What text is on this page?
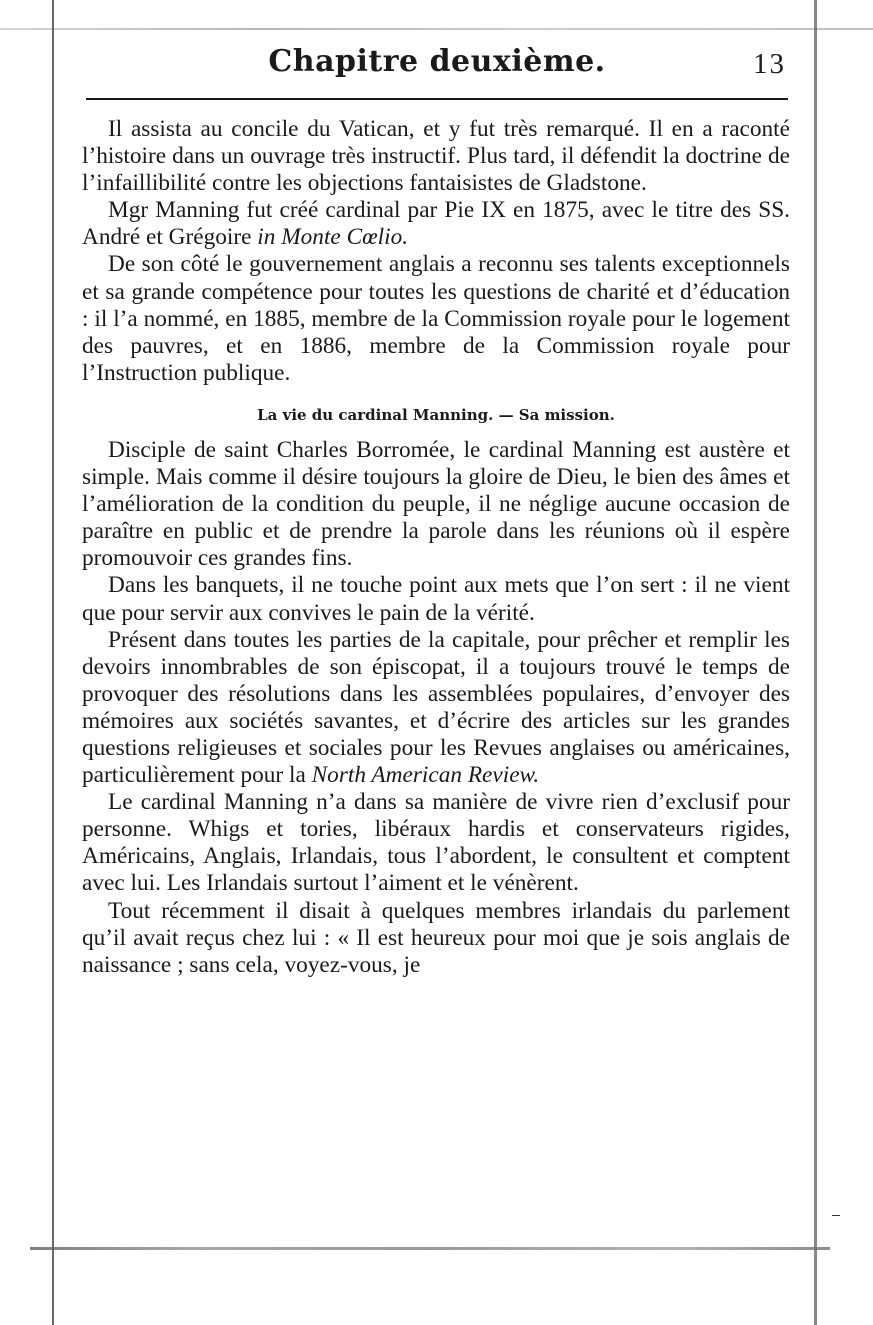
Chapitre deuxième.	13

Il assista au concile du Vatican, et y fut très remarqué. Il en a raconté l’histoire dans un ouvrage très instructif. Plus tard, il défendit la doctrine de l’infaillibilité contre les objections fantaisistes de Gladstone.

Mgr Manning fut créé cardinal par Pie IX en 1875, avec le titre des SS. André et Grégoire in Monte Cœlio.

De son côté le gouvernement anglais a reconnu ses talents exceptionnels et sa grande compétence pour toutes les questions de charité et d’éducation : il l’a nommé, en 1885, membre de la Commission royale pour le logement des pauvres, et en 1886, membre de la Commission royale pour l’Instruction publique.

La vie du cardinal Manning. — Sa mission.

Disciple de saint Charles Borromée, le cardinal Manning est austère et simple. Mais comme il désire toujours la gloire de Dieu, le bien des âmes et l’amélioration de la condition du peuple, il ne néglige aucune occasion de paraître en public et de prendre la parole dans les réunions où il espère promouvoir ces grandes fins.

Dans les banquets, il ne touche point aux mets que l’on sert : il ne vient que pour servir aux convives le pain de la vérité.

Présent dans toutes les parties de la capitale, pour prêcher et remplir les devoirs innombrables de son épiscopat, il a toujours trouvé le temps de provoquer des résolutions dans les assemblées populaires, d’envoyer des mémoires aux sociétés savantes, et d’écrire des articles sur les grandes questions religieuses et sociales pour les Revues anglaises ou américaines, particulièrement pour la North American Review.

Le cardinal Manning n’a dans sa manière de vivre rien d’exclusif pour personne. Whigs et tories, libéraux hardis et conservateurs rigides, Américains, Anglais, Irlandais, tous l’abordent, le consultent et comptent avec lui. Les Irlandais surtout l’aiment et le vénèrent.

Tout récemment il disait à quelques membres irlandais du parlement qu’il avait reçus chez lui : « Il est heureux pour moi que je sois anglais de naissance ; sans cela, voyez-vous, je
